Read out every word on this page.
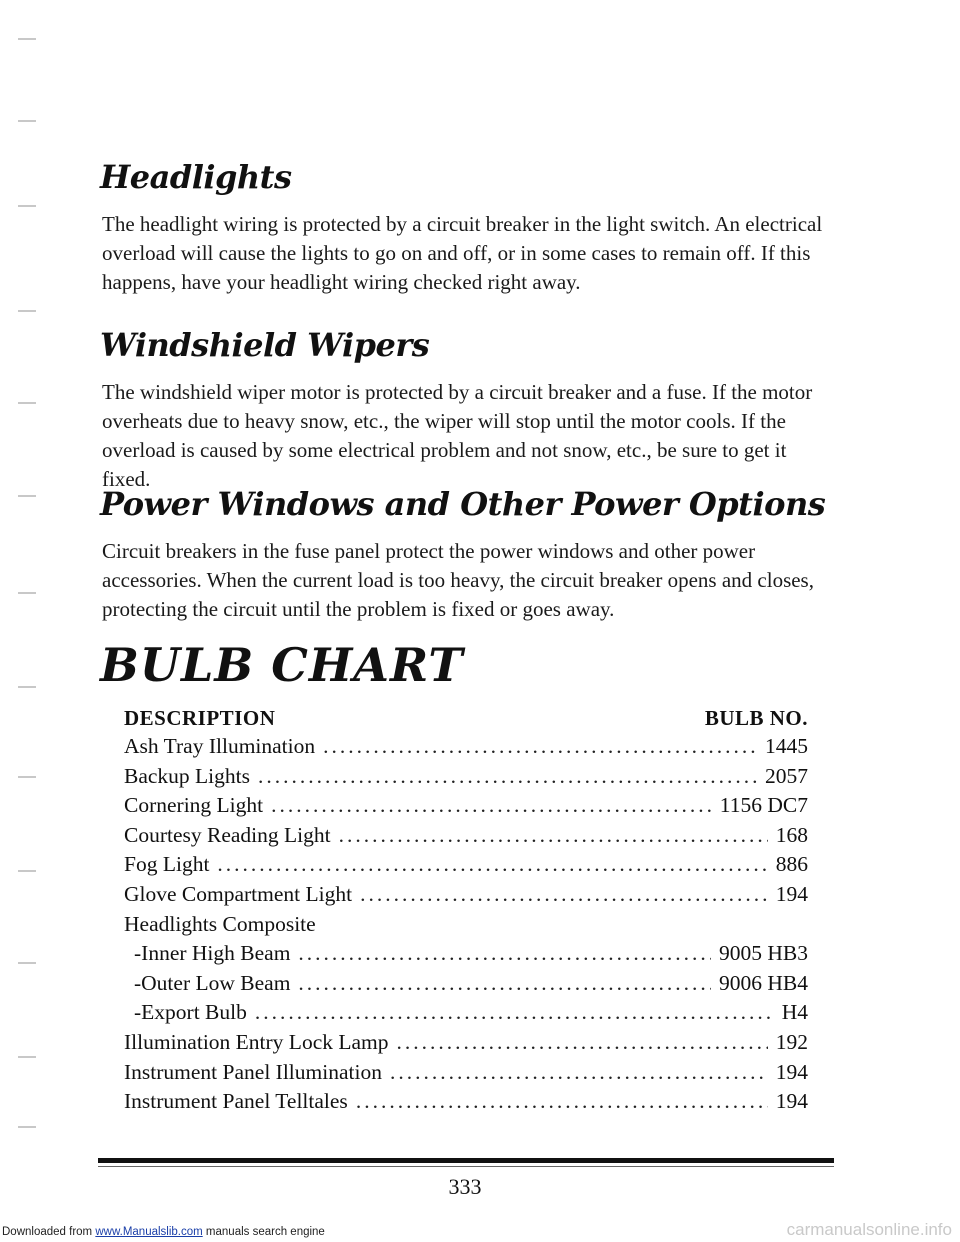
Headlights

The headlight wiring is protected by a circuit breaker in the light switch. An electrical overload will cause the lights to go on and off, or in some cases to remain off. If this happens, have your headlight wiring checked right away.

Windshield Wipers

The windshield wiper motor is protected by a circuit breaker and a fuse. If the motor overheats due to heavy snow, etc., the wiper will stop until the motor cools. If the overload is caused by some electrical problem and not snow, etc., be sure to get it fixed.

Power Windows and Other Power Options

Circuit breakers in the fuse panel protect the power windows and other power accessories. When the current load is too heavy, the circuit breaker opens and closes, protecting the circuit until the problem is fixed or goes away.

BULB CHART
DESCRIPTION	BULB NO.
Ash Tray Illumination .....	1445
Backup Lights .....	2057
Cornering Light .....	1156 DC7
Courtesy Reading Light .....	168
Fog Light .....	886
Glove Compartment Light .....	194
Headlights Composite
-Inner High Beam .....	9005 HB3
-Outer Low Beam .....	9006 HB4
-Export Bulb .....	H4
Illumination Entry Lock Lamp .....	192
Instrument Panel Illumination .....	194
Instrument Panel Telltales .....	194
333
Downloaded from www.Manualslib.com manuals search engine	carmanualsonline.info
